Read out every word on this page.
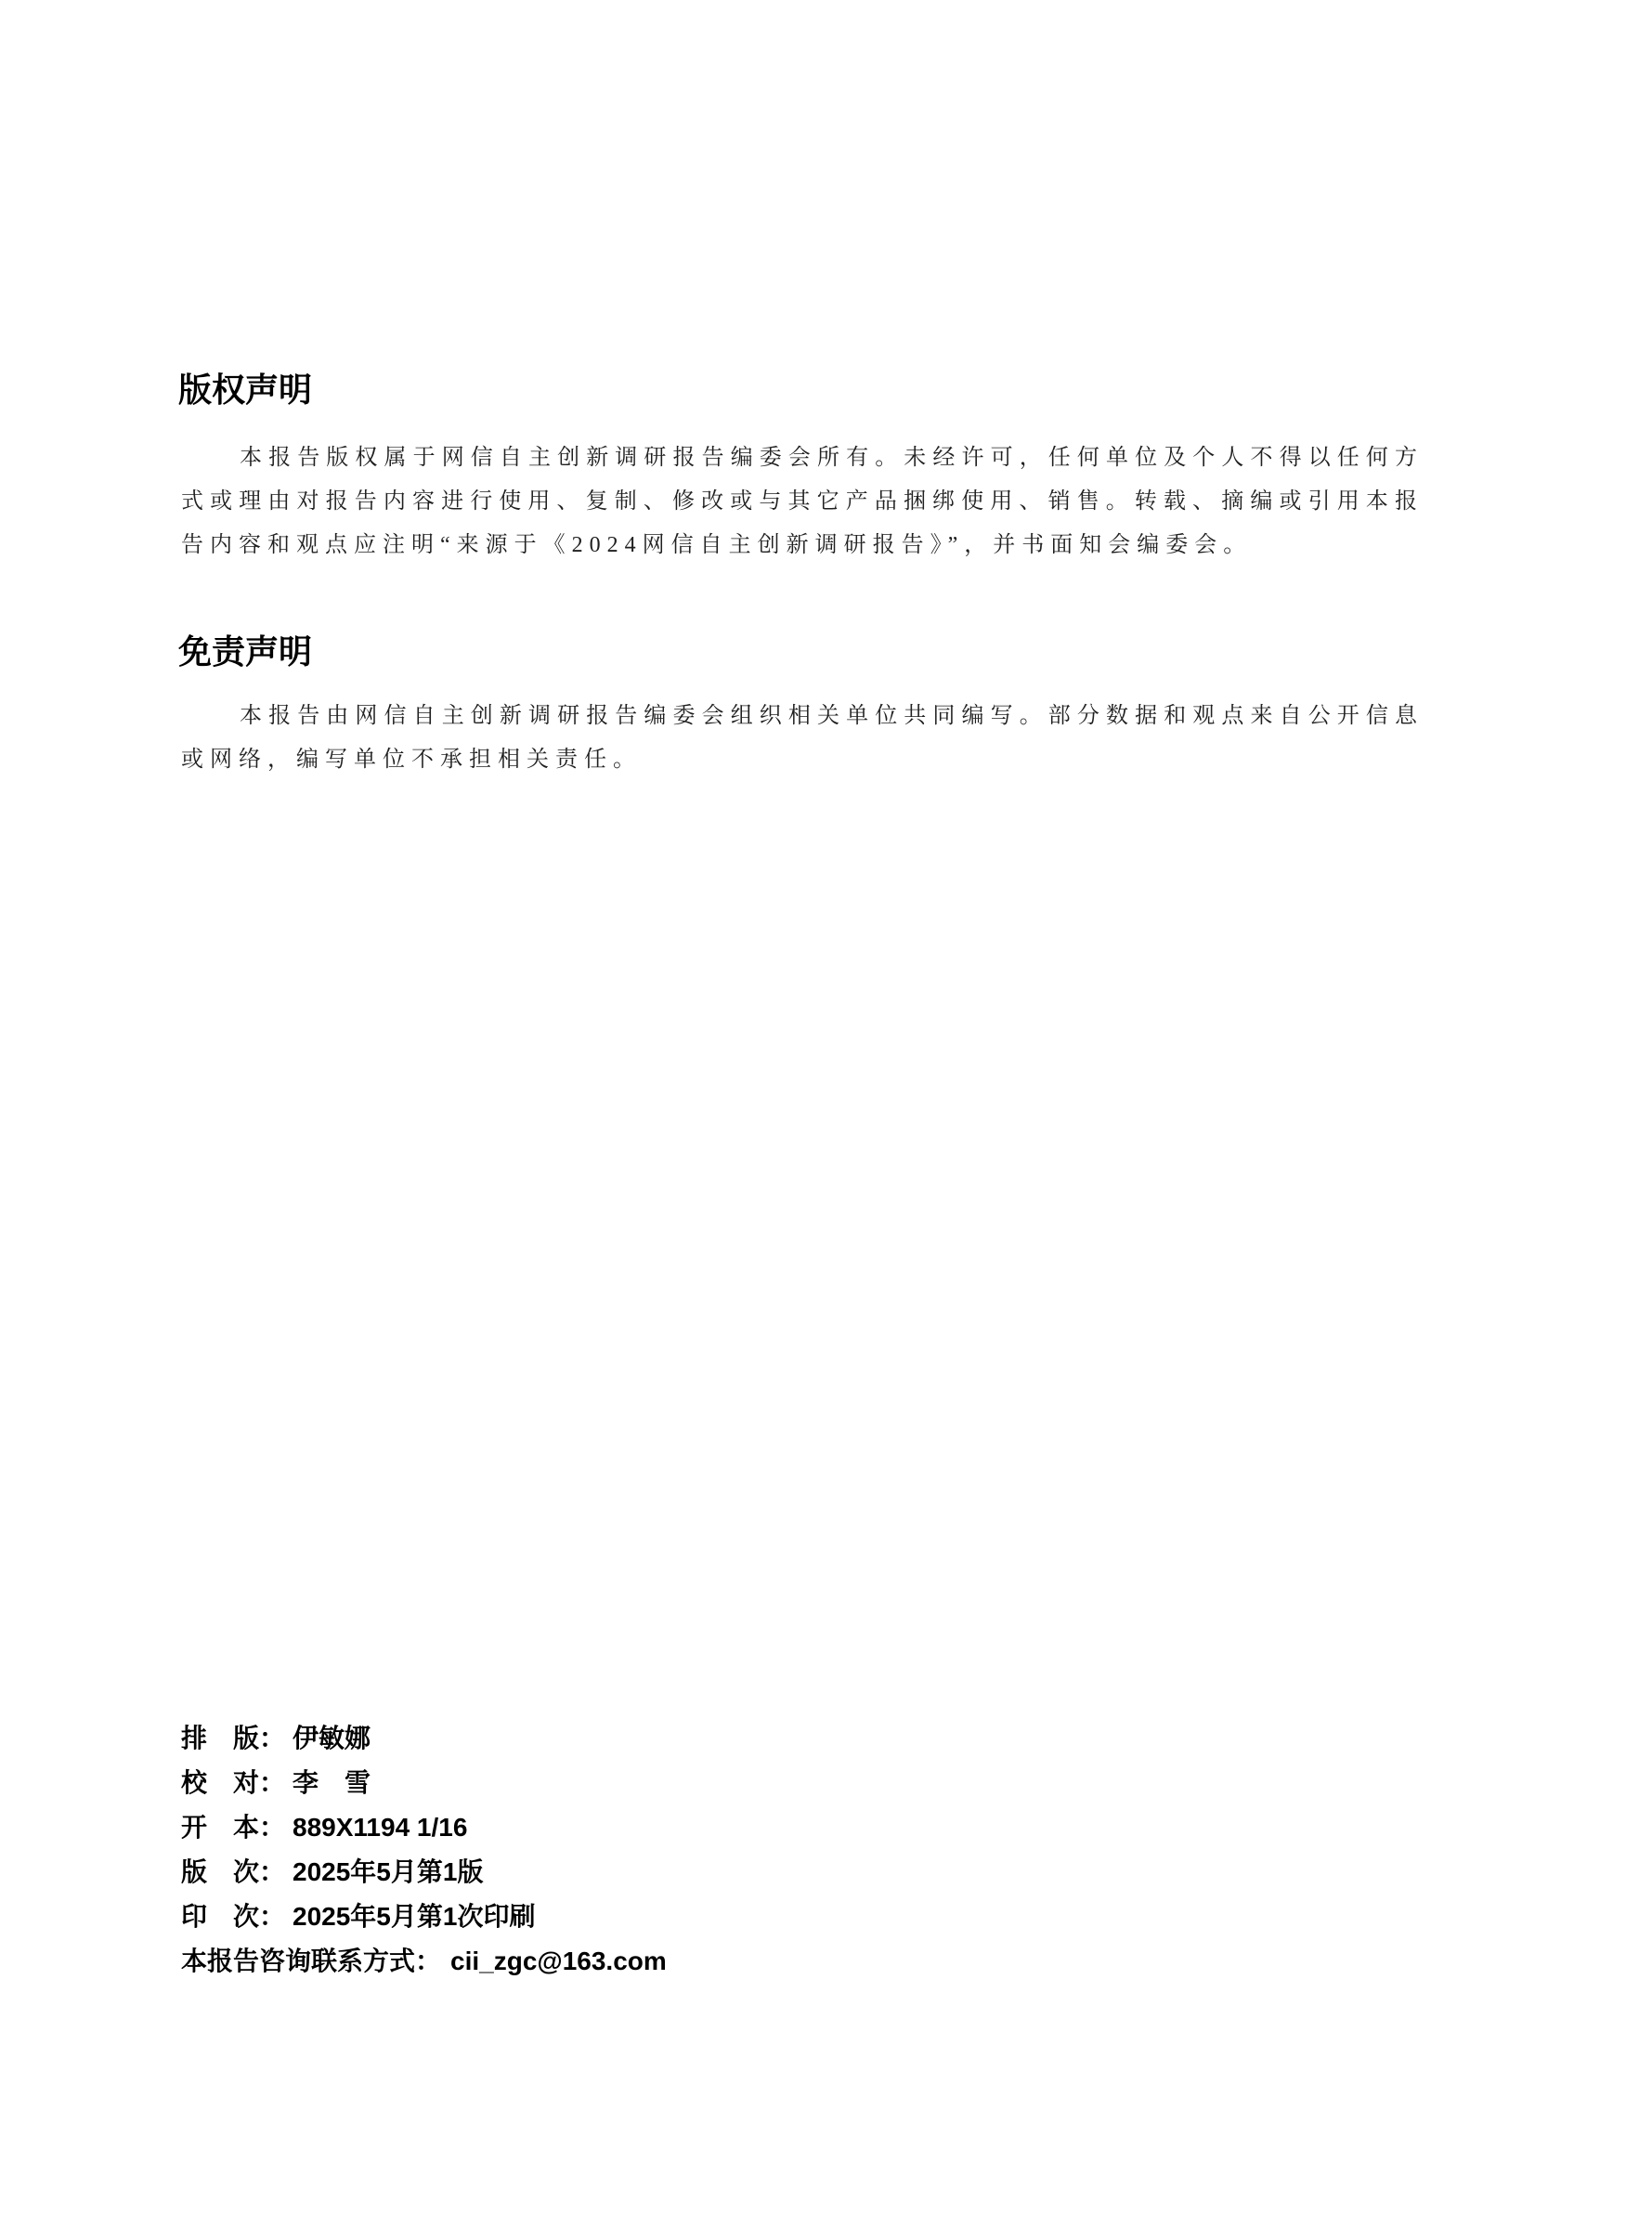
版权声明

本报告版权属于网信自主创新调研报告编委会所有。未经许可，任何单位及个人不得以任何方式或理由对报告内容进行使用、复制、修改或与其它产品捆绑使用、销售。转载、摘编或引用本报告内容和观点应注明“来源于《2024网信自主创新调研报告》”，并书面知会编委会。

免责声明

本报告由网信自主创新调研报告编委会组织相关单位共同编写。部分数据和观点来自公开信息或网络，编写单位不承担相关责任。

排　版： 伊敏娜
校　对： 李　雪
开　本： 889X1194 1/16
版　次： 2025年5月第1版
印　次： 2025年5月第1次印刷
本报告咨询联系方式： cii_zgc@163.com
